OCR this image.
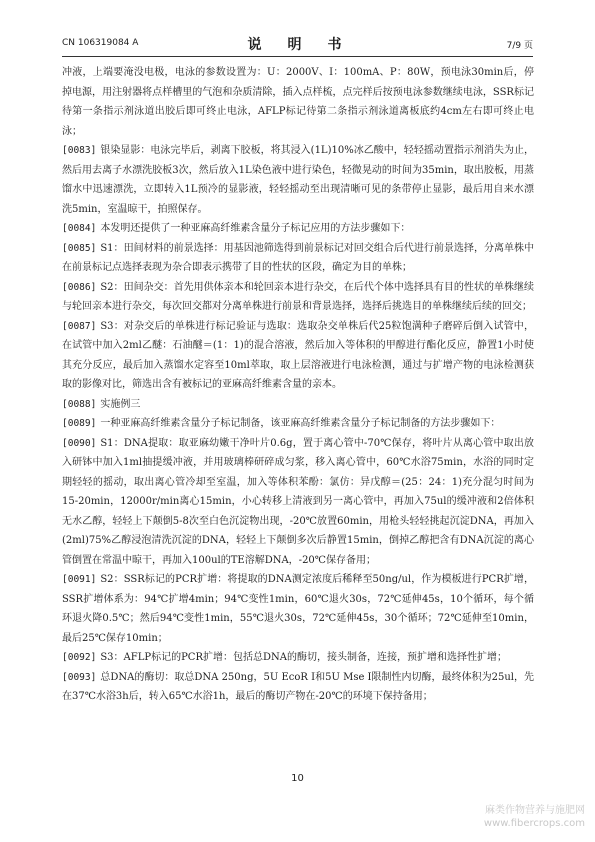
CN 106319084 A	说　明　书	7/9 页

冲液，上端要淹没电极，电泳的参数设置为：U：2000V、I：100mA、P：80W，预电泳30min后，停掉电源，用注射器将点样槽里的气泡和杂质清除，插入点样梳，点完样后按预电泳参数继续电泳，SSR标记待第一条指示剂泳道出胶后即可终止电泳，AFLP标记待第二条指示剂泳道离板底约4cm左右即可终止电泳；

[0083] 银染显影：电泳完毕后，剥离下胶板，将其浸入(1L)10%冰乙酸中，轻轻摇动置指示剂消失为止，然后用去离子水漂洗胶板3次，然后放入1L染色液中进行染色，轻微晃动的时间为35min，取出胶板，用蒸馏水中迅速漂洗，立即转入1L预冷的显影液，轻轻摇动至出现清晰可见的条带停止显影，最后用自来水漂洗5min，室温晾干，拍照保存。

[0084] 本发明还提供了一种亚麻高纤维素含量分子标记应用的方法步骤如下：

[0085] S1：田间材料的前景选择：用基因池筛选得到前景标记对回交组合后代进行前景选择，分离单株中在前景标记点选择表现为杂合即表示携带了目的性状的区段，确定为目的单株；

[0086] S2：田间杂交：首先用供体亲本和轮回亲本进行杂交，在后代个体中选择具有目的性状的单株继续与轮回亲本进行杂交，每次回交都对分离单株进行前景和背景选择，选择后挑选目的单株继续后续的回交；

[0087] S3：对杂交后的单株进行标记验证与选取：选取杂交单株后代25粒饱满种子磨碎后倒入试管中，在试管中加入2ml乙醚：石油醚＝(1：1)的混合溶液，然后加入等体积的甲醇进行酯化反应，静置1小时使其充分反应，最后加入蒸馏水定容至10ml萃取，取上层溶液进行电泳检测，通过与扩增产物的电泳检测获取的影像对比，筛选出含有被标记的亚麻高纤维素含量的亲本。

[0088] 实施例三

[0089] 一种亚麻高纤维素含量分子标记制备，该亚麻高纤维素含量分子标记制备的方法步骤如下：

[0090] S1：DNA提取：取亚麻幼嫩干净叶片0.6g，置于离心管中-70℃保存，将叶片从离心管中取出放入研钵中加入1ml抽提缓冲液，并用玻璃棒研碎成匀浆，移入离心管中，60℃水浴75min，水浴的同时定期轻轻的摇动，取出离心管冷却至室温，加入等体积苯酚：氯仿：异戊醇＝(25：24：1)充分混匀时间为15-20min，12000r/min离心15min，小心转移上清液到另一离心管中，再加入75ul的缓冲液和2倍体积无水乙醇，轻轻上下颠倒5-8次至白色沉淀物出现，-20℃放置60min，用枪头轻轻挑起沉淀DNA，再加入(2ml)75%乙醇浸泡清洗沉淀的DNA，轻轻上下颠倒多次后静置15min，倒掉乙醇把含有DNA沉淀的离心管倒置在常温中晾干，再加入100ul的TE溶解DNA，-20℃保存备用；

[0091] S2：SSR标记的PCR扩增：将提取的DNA测定浓度后稀释至50ng/ul，作为模板进行PCR扩增，SSR扩增体系为：94℃扩增4min；94℃变性1min，60℃退火30s，72℃延伸45s，10个循环，每个循环退火降0.5℃；然后94℃变性1min，55℃退火30s，72℃延伸45s，30个循环；72℃延伸至10min，最后25℃保存10min；

[0092] S3：AFLP标记的PCR扩增：包括总DNA的酶切，接头制备，连接，预扩增和选择性扩增；

[0093] 总DNA的酶切：取总DNA 250ng，5U EcoR Ⅰ和5U Mse Ⅰ限制性内切酶，最终体积为25ul，先在37℃水浴3h后，转入65℃水浴1h，最后的酶切产物在-20℃的环境下保持备用；

10
麻类作物营养与施肥网
www.fibercrops.com
